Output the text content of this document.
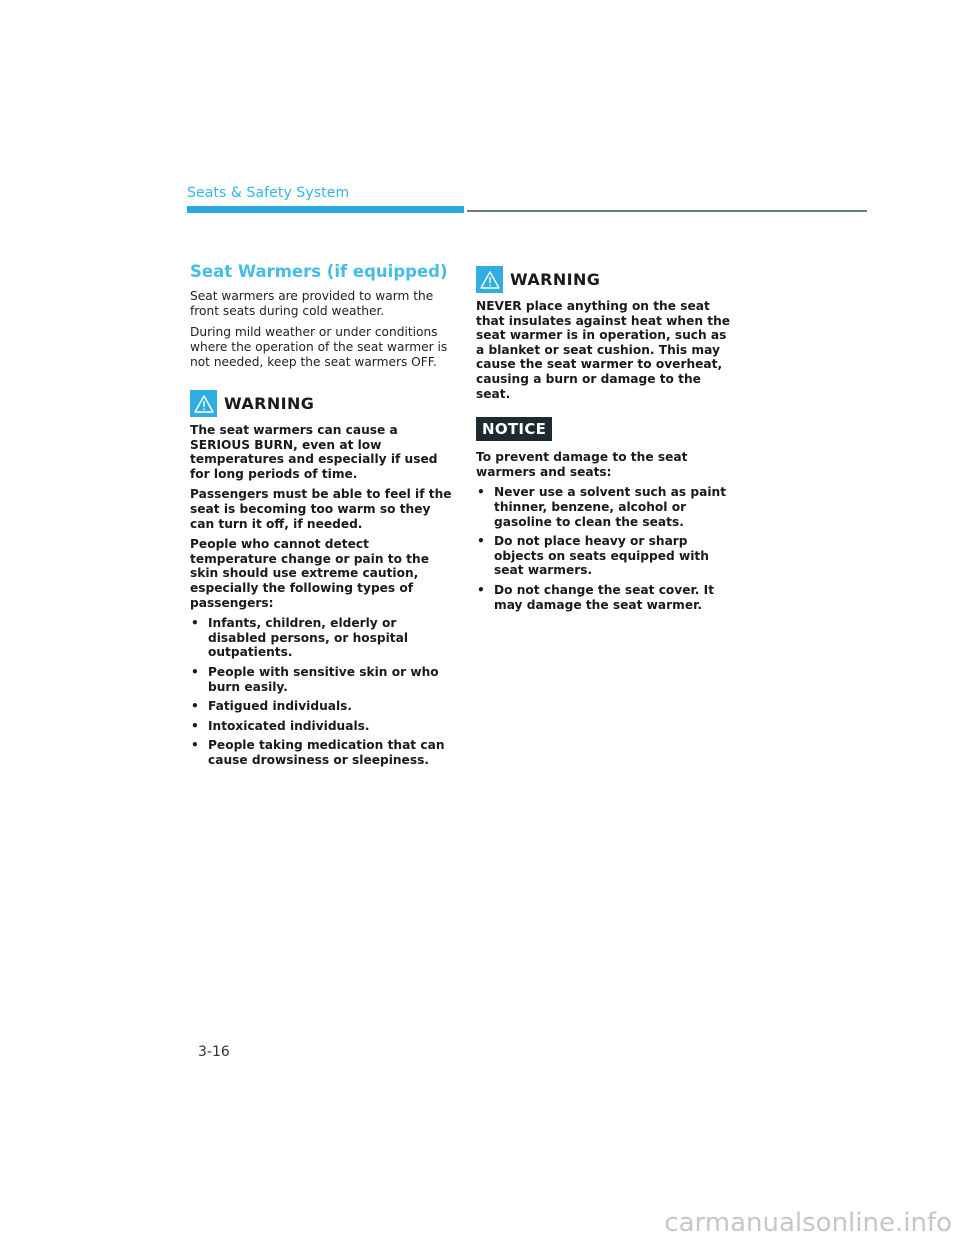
Seats & Safety System
Seat Warmers (if equipped)

Seat warmers are provided to warm the front seats during cold weather.

During mild weather or under conditions where the operation of the seat warmer is not needed, keep the seat warmers OFF.

WARNING

The seat warmers can cause a SERIOUS BURN, even at low temperatures and especially if used for long periods of time.

Passengers must be able to feel if the seat is becoming too warm so they can turn it off, if needed.

People who cannot detect temperature change or pain to the skin should use extreme caution, especially the following types of passengers:

• Infants, children, elderly or disabled persons, or hospital outpatients.
• People with sensitive skin or who burn easily.
• Fatigued individuals.
• Intoxicated individuals.
• People taking medication that can cause drowsiness or sleepiness.
WARNING

NEVER place anything on the seat that insulates against heat when the seat warmer is in operation, such as a blanket or seat cushion. This may cause the seat warmer to overheat, causing a burn or damage to the seat.

NOTICE

To prevent damage to the seat warmers and seats:

• Never use a solvent such as paint thinner, benzene, alcohol or gasoline to clean the seats.
• Do not place heavy or sharp objects on seats equipped with seat warmers.
• Do not change the seat cover. It may damage the seat warmer.
3-16
carmanualsonline.info
